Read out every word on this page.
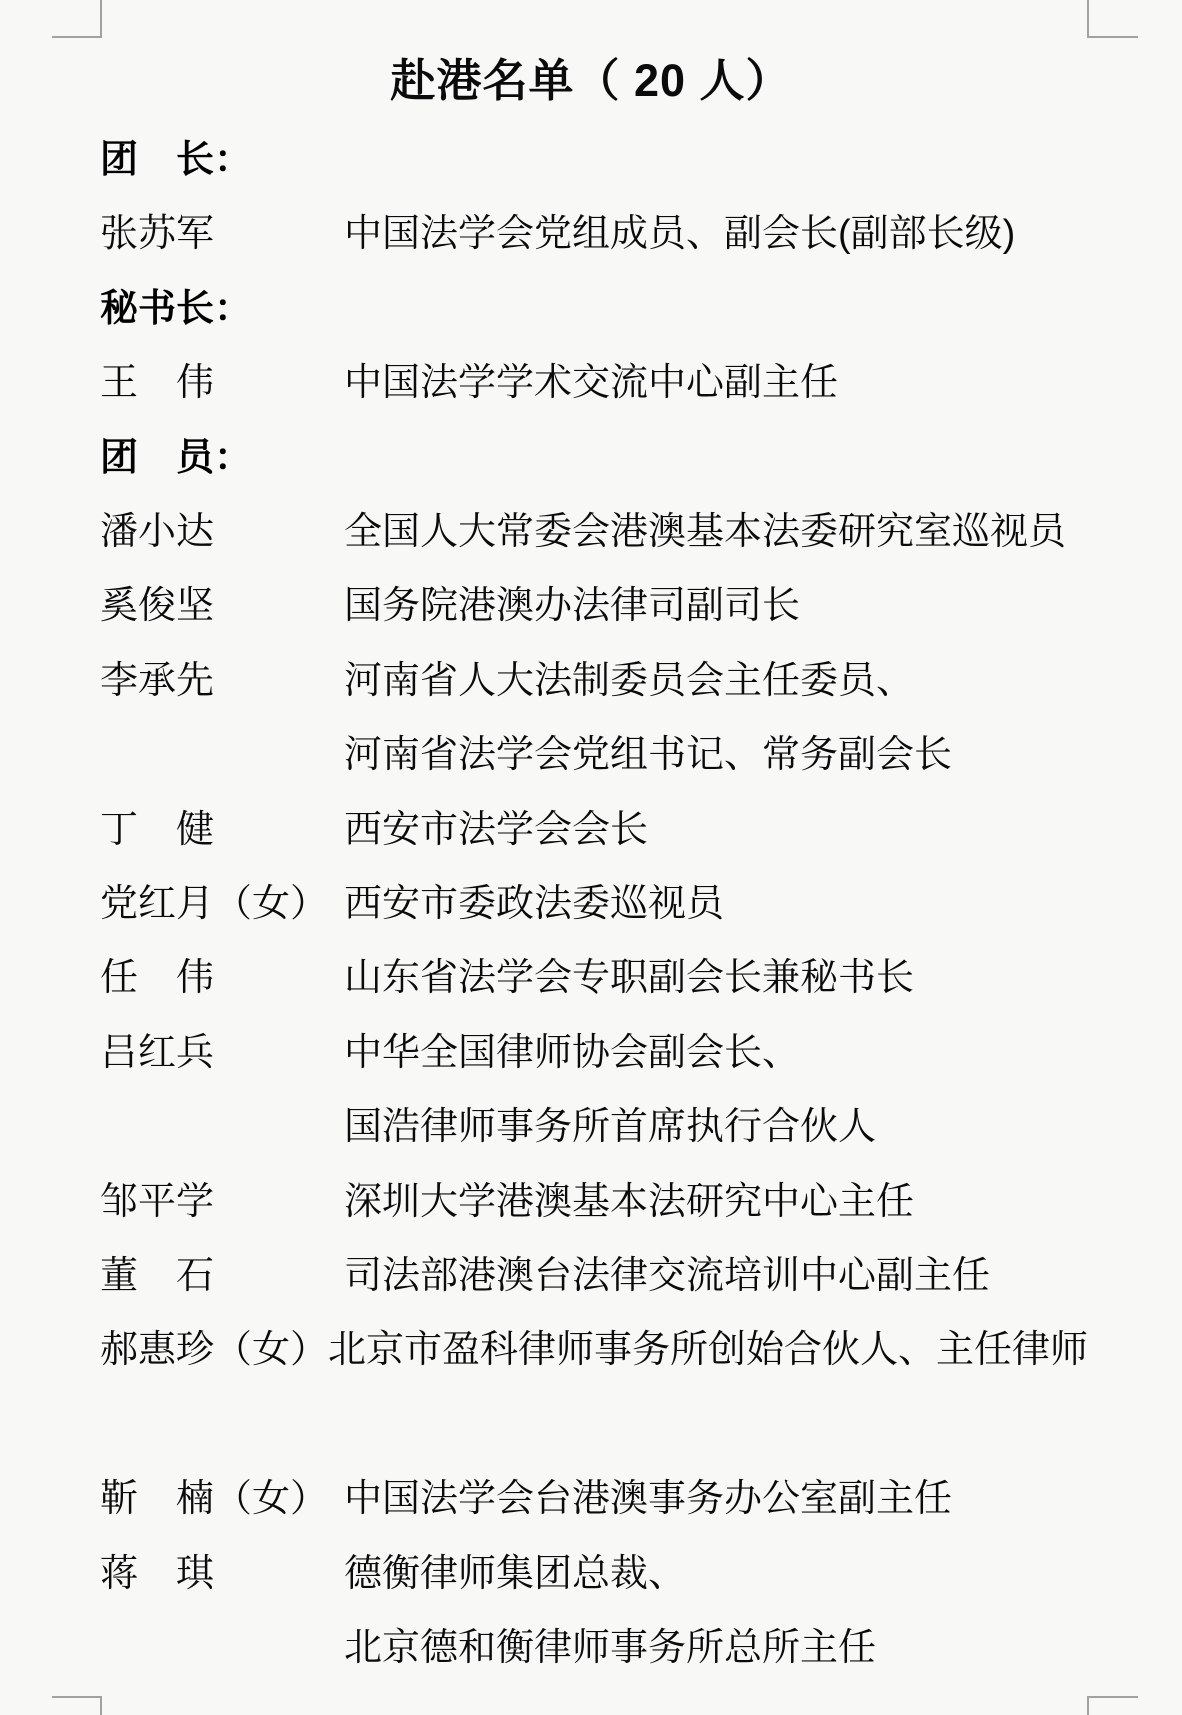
赴港名单（ 20 人）
团 长 ：
张苏军	中国法学会党组成员、副会长(副部长级)
秘书长 ：
王 伟	中国法学学术交流中心副主任
团 员 ：
潘小达	全国人大常委会港澳基本法委研究室巡视员
奚俊坚	国务院港澳办法律司副司长
李承先	河南省人大法制委员会主任委员、
河南省法学会党组书记、常务副会长
丁 健	西安市法学会会长
党红月 （女） 西安市委政法委巡视员
任 伟	山东省法学会专职副会长兼秘书长
吕红兵	中华全国律师协会副会长、
国浩律师事务所首席执行合伙人
邹平学	深圳大学港澳基本法研究中心主任
董 石	司法部港澳台法律交流培训中心副主任
郝惠珍 （女） 北京市盈科律师事务所创始合伙人、主任律师
靳 楠 （女） 中国法学会台港澳事务办公室副主任
蒋 琪	德衡律师集团总裁、
北京德和衡律师事务所总所主任
